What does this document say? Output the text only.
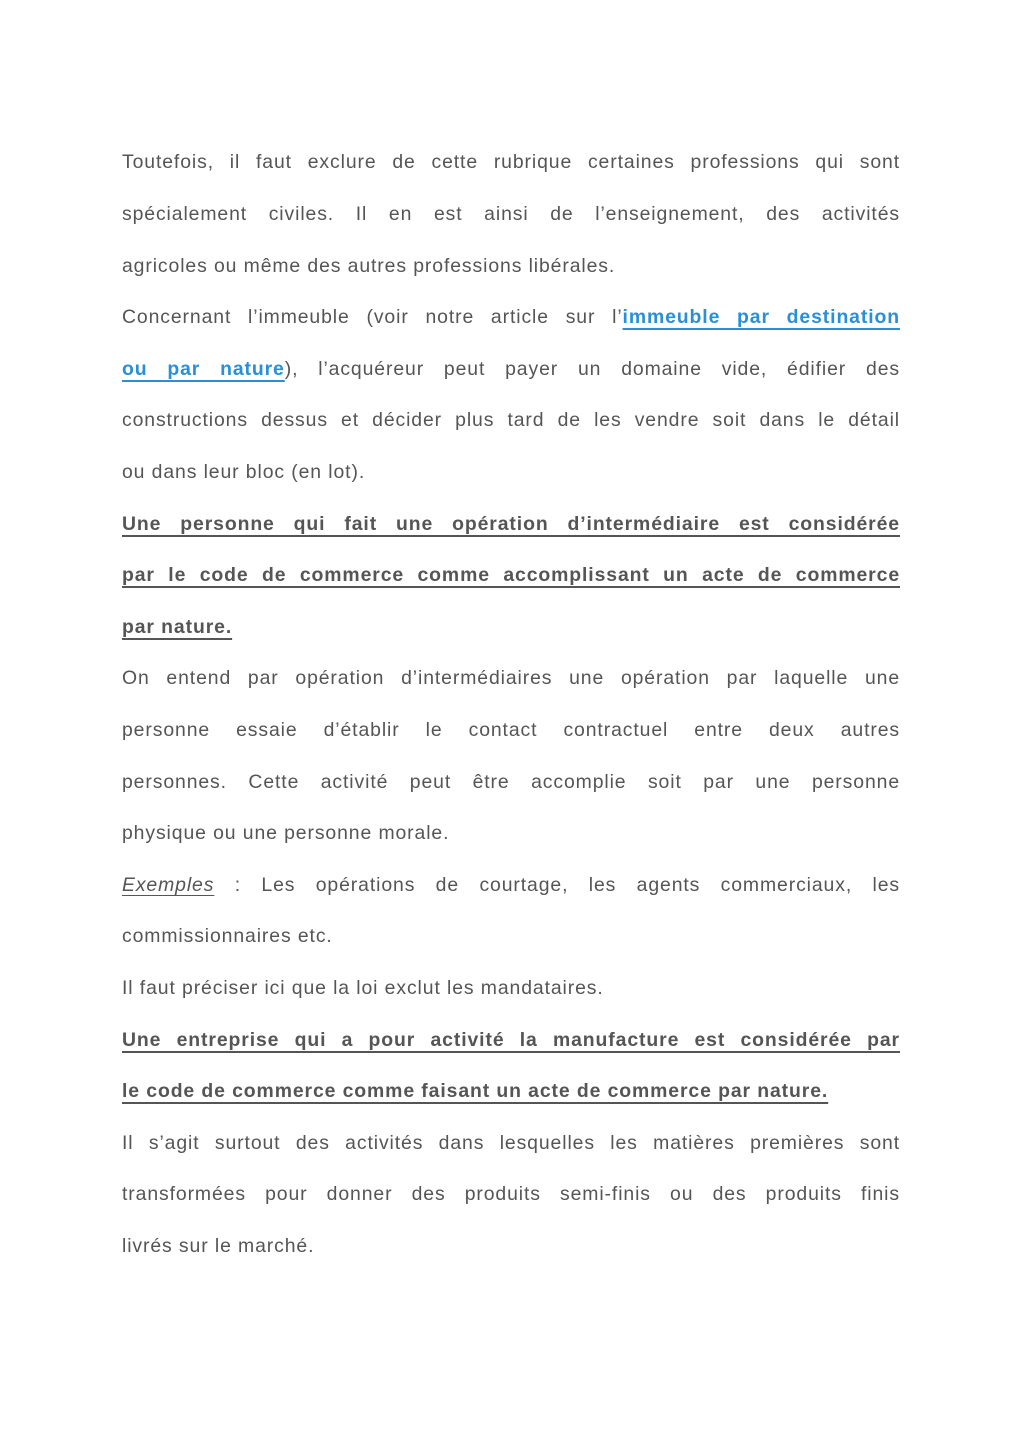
Toutefois, il faut exclure de cette rubrique certaines professions qui sont
spécialement civiles. Il en est ainsi de l’enseignement, des activités
agricoles ou même des autres professions libérales.
Concernant l’immeuble (voir notre article sur l’immeuble par destination
ou par nature), l’acquéreur peut payer un domaine vide, édifier des
constructions dessus et décider plus tard de les vendre soit dans le détail
ou dans leur bloc (en lot).
Une personne qui fait une opération d’intermédiaire est considérée
par le code de commerce comme accomplissant un acte de commerce
par nature.
On entend par opération d’intermédiaires une opération par laquelle une
personne essaie d’établir le contact contractuel entre deux autres
personnes. Cette activité peut être accomplie soit par une personne
physique ou une personne morale.
Exemples : Les opérations de courtage, les agents commerciaux, les
commissionnaires etc.
Il faut préciser ici que la loi exclut les mandataires.
Une entreprise qui a pour activité la manufacture est considérée par
le code de commerce comme faisant un acte de commerce par nature.
Il s’agit surtout des activités dans lesquelles les matières premières sont
transformées pour donner des produits semi-finis ou des produits finis
livrés sur le marché.
